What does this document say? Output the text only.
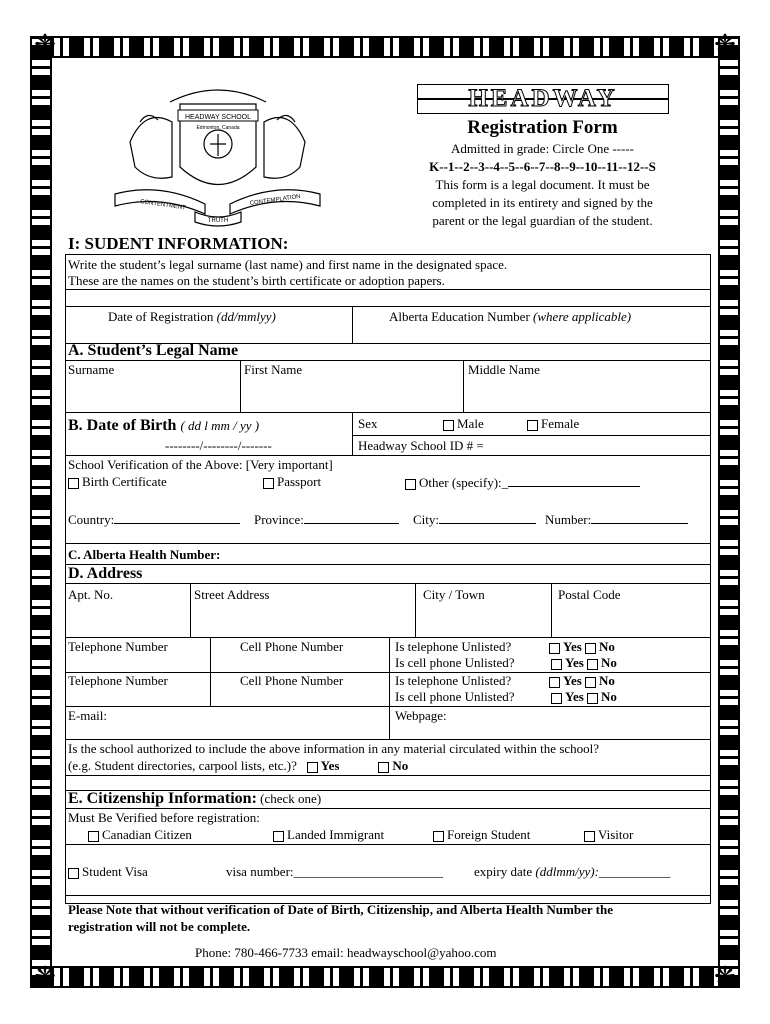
❋	❋
❋	❋
HEADWAY SCHOOL
Edmonton, Canada
CONTENTMENT	CONTEMPLATION
TRUTH
HEADWAY
Registration Form
Admitted in grade: Circle One -----
K--1--2--3--4--5--6--7--8--9--10--11--12--S
This form is a legal document. It must be
completed in its entirety and signed by the
parent or the legal guardian of the student.
I: SUDENT INFORMATION:
Write the student’s legal surname (last name) and first name in the designated space.
These are the names on the student’s birth certificate or adoption papers.
Date of Registration (dd/mmlyy)	Alberta Education Number (where applicable)
A. Student’s Legal Name
Surname	First Name	Middle Name
B. Date of Birth ( dd l mm / yy )
--------/--------/-------
Sex	Male	Female
Headway School ID # =
School Verification of the Above: [Very important]
Birth Certificate	Passport	Other (specify):_
Country:	Province:	City:	Number:
C. Alberta Health Number:
D. Address
Apt. No.	Street Address	City / Town	Postal Code
Telephone Number	Cell Phone Number	Is telephone Unlisted?	Yes No
Is cell phone Unlisted?	Yes No
Telephone Number	Cell Phone Number	Is telephone Unlisted?	Yes No
Is cell phone Unlisted?	Yes No
E-mail:	Webpage:
Is the school authorized to include the above information in any material circulated within the school?
(e.g. Student directories, carpool lists, etc.)? Yes	No
E. Citizenship Information: (check one)
Must Be Verified before registration:
Canadian Citizen	Landed Immigrant	Foreign Student	Visitor
Student Visa	visa number:_______________________ expiry date (ddlmm/yy):___________
Please Note that without verification of Date of Birth, Citizenship, and Alberta Health Number the
registration will not be complete.
Phone: 780-466-7733 email: headwayschool@yahoo.com
